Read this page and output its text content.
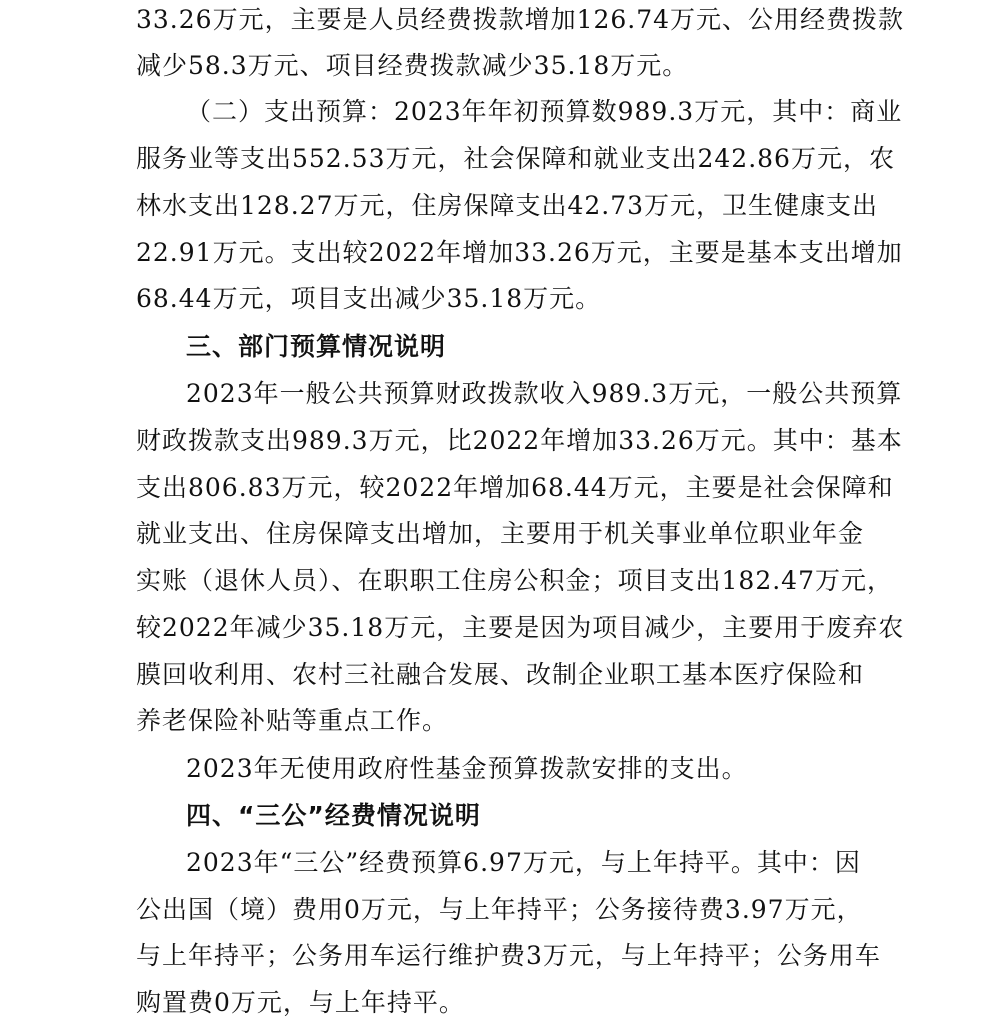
33.26万元，主要是人员经费拨款增加126.74万元、公用经费拨款
减少58.3万元、项目经费拨款减少35.18万元。
（二）支出预算：2023年年初预算数989.3万元，其中：商业
服务业等支出552.53万元，社会保障和就业支出242.86万元，农
林水支出128.27万元，住房保障支出42.73万元，卫生健康支出
22.91万元。支出较2022年增加33.26万元，主要是基本支出增加
68.44万元，项目支出减少35.18万元。
三、部门预算情况说明
2023年一般公共预算财政拨款收入989.3万元，一般公共预算
财政拨款支出989.3万元，比2022年增加33.26万元。其中：基本
支出806.83万元，较2022年增加68.44万元，主要是社会保障和
就业支出、住房保障支出增加，主要用于机关事业单位职业年金
实账（退休人员）、在职职工住房公积金；项目支出182.47万元，
较2022年减少35.18万元，主要是因为项目减少，主要用于废弃农
膜回收利用、农村三社融合发展、改制企业职工基本医疗保险和
养老保险补贴等重点工作。
2023年无使用政府性基金预算拨款安排的支出。
四、“三公”经费情况说明
2023年“三公”经费预算6.97万元，与上年持平。其中：因
公出国（境）费用0万元，与上年持平；公务接待费3.97万元，
与上年持平；公务用车运行维护费3万元，与上年持平；公务用车
购置费0万元，与上年持平。
